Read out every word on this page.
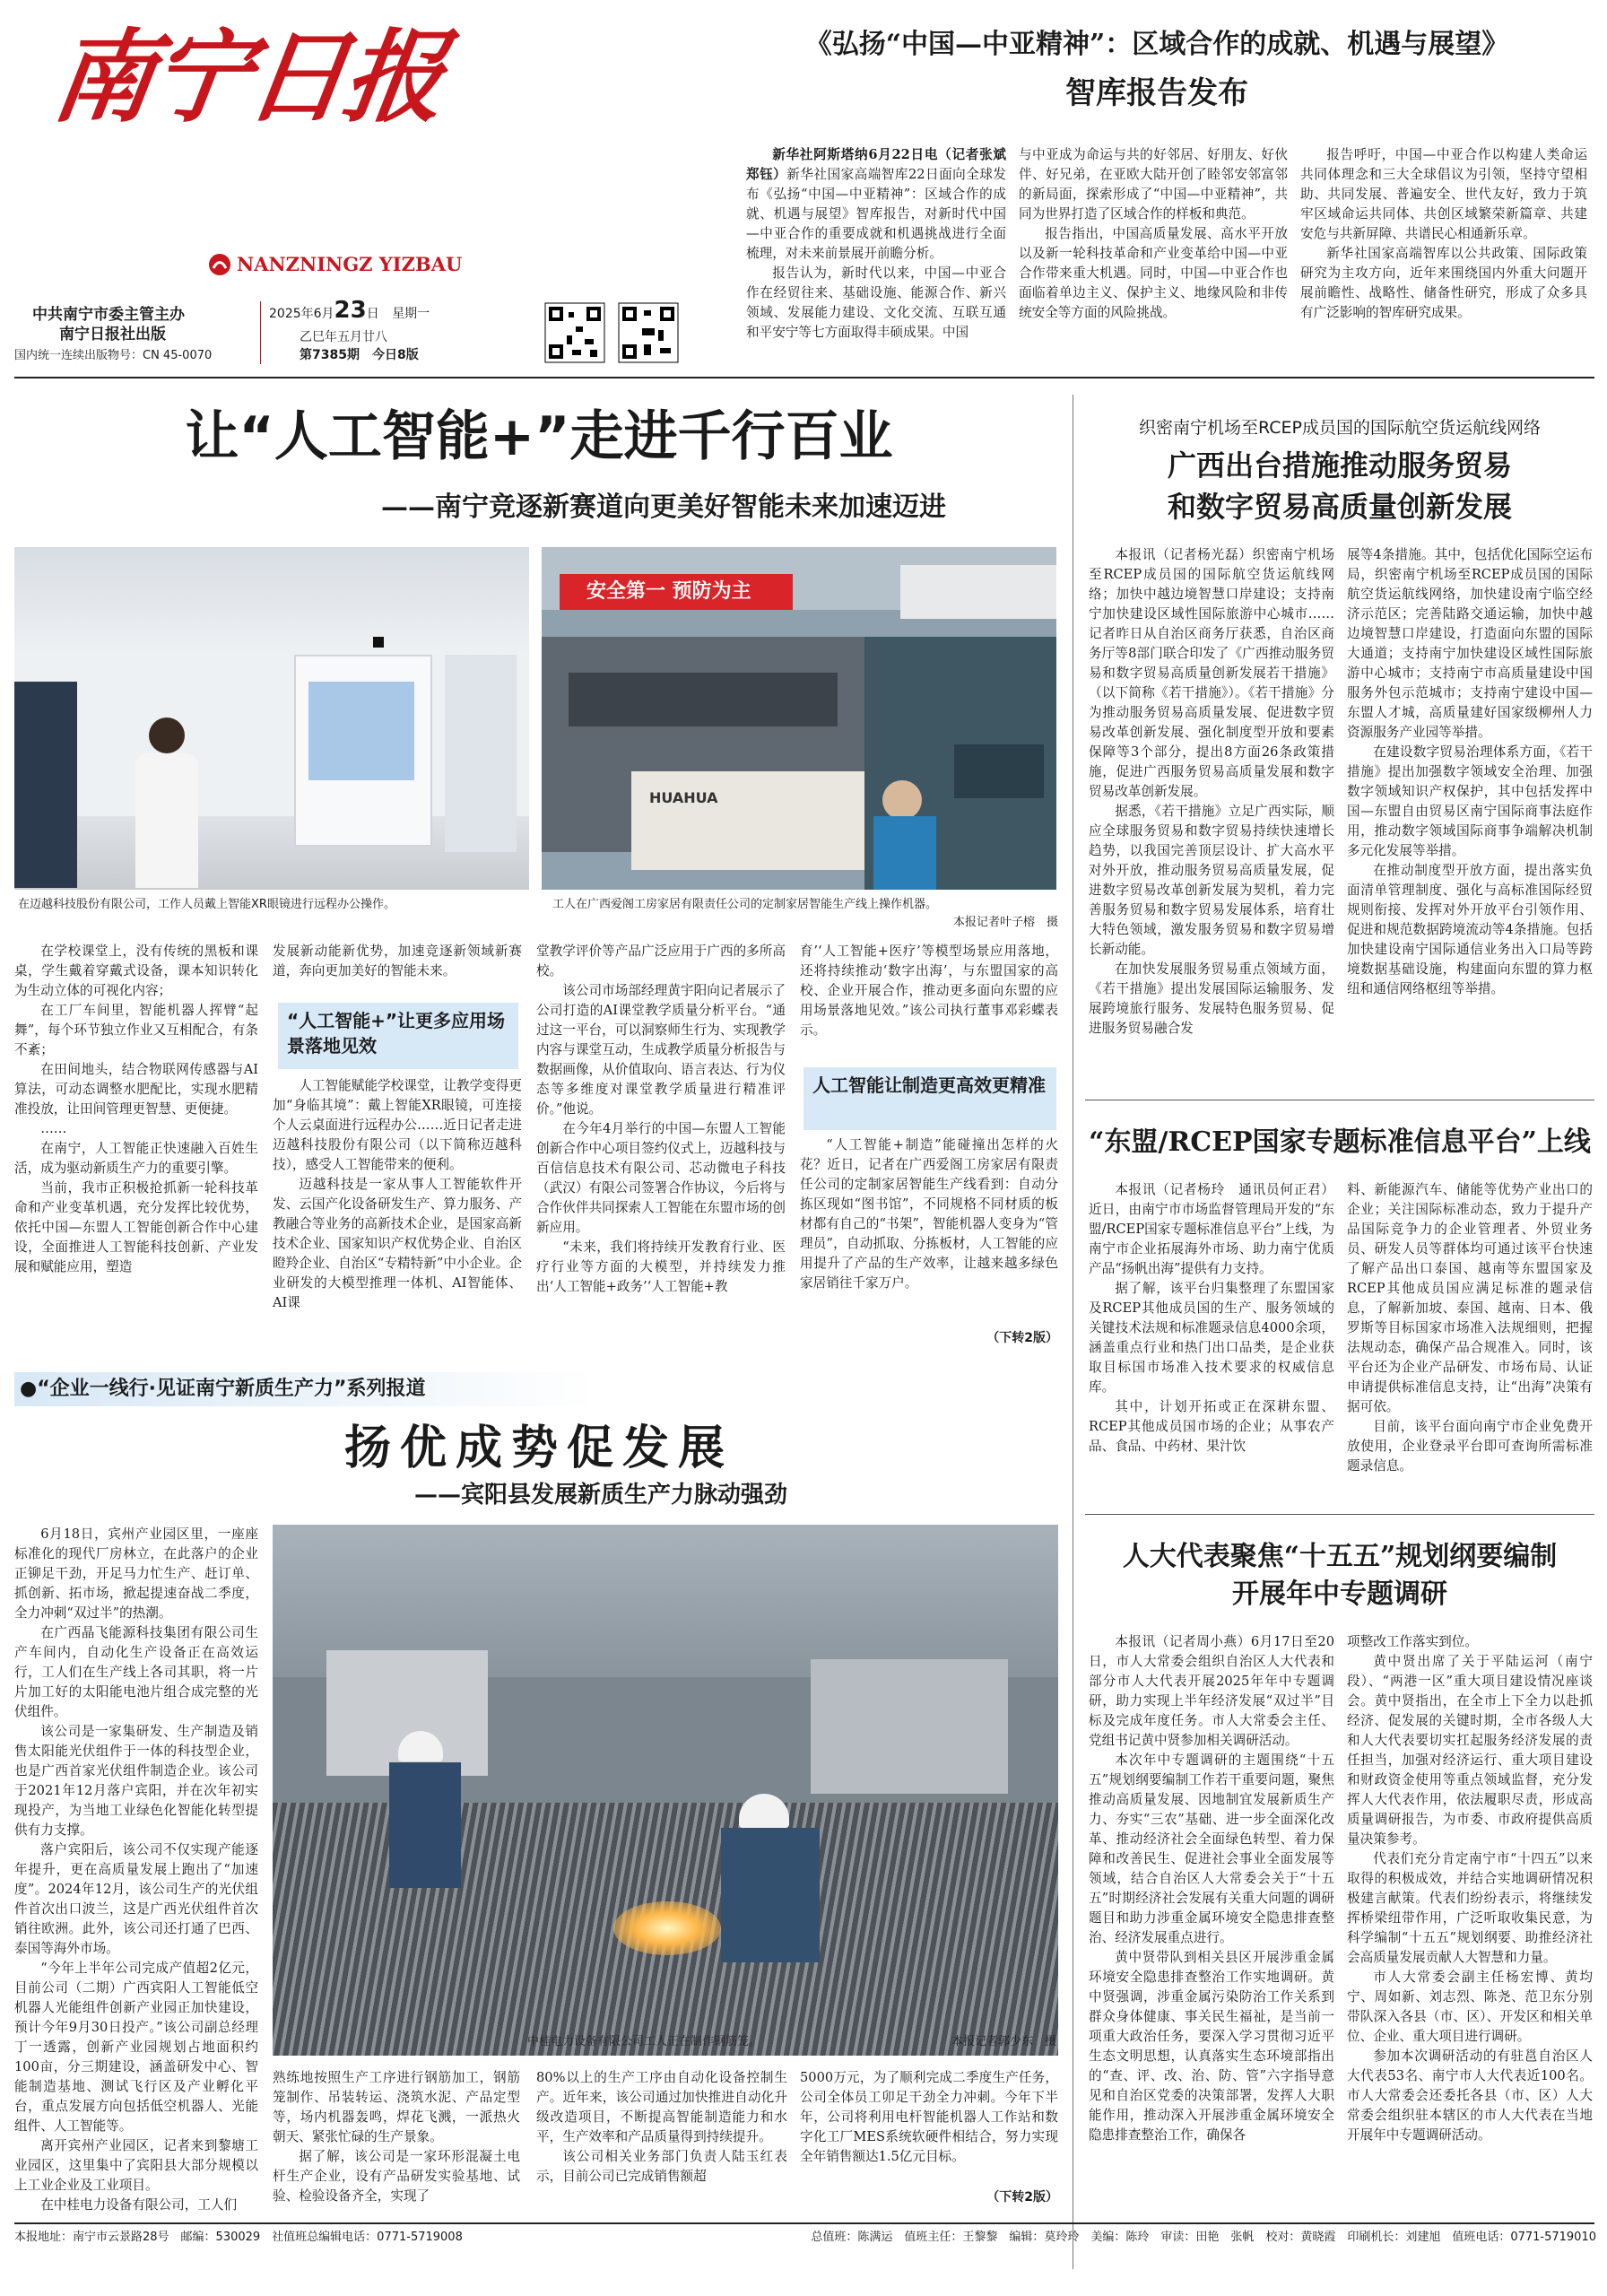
南宁日报
NANZNINGZ YIZBAU
中共南宁市委主管主办
南宁日报社出版
国内统一连续出版物号：CN 45-0070
2025年6月23日 星期一
乙巳年五月廿八
第7385期　 今日8版
《弘扬“中国—中亚精神”：区域合作的成就、机遇与展望》
智库报告发布

新华社阿斯塔纳6月22日电（记者张斌　郑钰）新华社国家高端智库22日面向全球发布《弘扬“中国—中亚精神”：区域合作的成就、机遇与展望》智库报告，对新时代中国—中亚合作的重要成就和机遇挑战进行全面梳理，对未来前景展开前瞻分析。

报告认为，新时代以来，中国—中亚合作在经贸往来、基础设施、能源合作、新兴领域、发展能力建设、文化交流、互联互通和平安宁等七方面取得丰硕成果。中国

与中亚成为命运与共的好邻居、好朋友、好伙伴、好兄弟，在亚欧大陆开创了睦邻安邻富邻的新局面，探索形成了“中国—中亚精神”，共同为世界打造了区域合作的样板和典范。

报告指出，中国高质量发展、高水平开放以及新一轮科技革命和产业变革给中国—中亚合作带来重大机遇。同时，中国—中亚合作也面临着单边主义、保护主义、地缘风险和非传统安全等方面的风险挑战。

报告呼吁，中国—中亚合作以构建人类命运共同体理念和三大全球倡议为引领，坚持守望相助、共同发展、普遍安全、世代友好，致力于筑牢区域命运共同体、共创区域繁荣新篇章、共建安危与共新屏障、共谱民心相通新乐章。

新华社国家高端智库以公共政策、国际政策研究为主攻方向，近年来围绕国内外重大问题开展前瞻性、战略性、储备性研究，形成了众多具有广泛影响的智库研究成果。

让“人工智能+”走进千行百业
——南宁竞逐新赛道向更美好智能未来加速迈进
安全第一 预防为主
HUAHUA
在迈越科技股份有限公司，工作人员戴上智能XR眼镜进行远程办公操作。	工人在广西爱阁工房家居有限责任公司的定制家居智能生产线上操作机器。
本报记者叶子榕　摄

在学校课堂上，没有传统的黑板和课桌，学生戴着穿戴式设备，课本知识转化为生动立体的可视化内容；

在工厂车间里，智能机器人挥臂“起舞”，每个环节独立作业又互相配合，有条不紊；

在田间地头，结合物联网传感器与AI算法，可动态调整水肥配比，实现水肥精准投放，让田间管理更智慧、更便捷。

……

在南宁，人工智能正快速融入百姓生活，成为驱动新质生产力的重要引擎。

当前，我市正积极抢抓新一轮科技革命和产业变革机遇，充分发挥比较优势，依托中国—东盟人工智能创新合作中心建设，全面推进人工智能科技创新、产业发展和赋能应用，塑造

发展新动能新优势，加速竞逐新领域新赛道，奔向更加美好的智能未来。

“人工智能+”让更多应用场景落地见效

人工智能赋能学校课堂，让教学变得更加“身临其境”：戴上智能XR眼镜，可连接个人云桌面进行远程办公……近日记者走进迈越科技股份有限公司（以下简称迈越科技），感受人工智能带来的便利。

迈越科技是一家从事人工智能软件开发、云国产化设备研发生产、算力服务、产教融合等业务的高新技术企业，是国家高新技术企业、国家知识产权优势企业、自治区瞪羚企业、自治区“专精特新”中小企业。企业研发的大模型推理一体机、AI智能体、AI课

堂教学评价等产品广泛应用于广西的多所高校。

该公司市场部经理黄宇阳向记者展示了公司打造的AI课堂教学质量分析平台。“通过这一平台，可以洞察师生行为、实现教学内容与课堂互动，生成教学质量分析报告与数据画像，从价值取向、语言表达、行为仪态等多维度对课堂教学质量进行精准评价。”他说。

在今年4月举行的中国—东盟人工智能创新合作中心项目签约仪式上，迈越科技与百信信息技术有限公司、芯动微电子科技（武汉）有限公司签署合作协议，今后将与合作伙伴共同探索人工智能在东盟市场的创新应用。

“未来，我们将持续开发教育行业、医疗行业等方面的大模型，并持续发力推出‘人工智能+政务’‘人工智能+教

育’‘人工智能+医疗’等模型场景应用落地，还将持续推动‘数字出海’，与东盟国家的高校、企业开展合作，推动更多面向东盟的应用场景落地见效。”该公司执行董事邓彩蝶表示。

人工智能让制造更高效更精准

“人工智能+制造”能碰撞出怎样的火花？近日，记者在广西爱阁工房家居有限责任公司的定制家居智能生产线看到：自动分拣区现如“图书馆”，不同规格不同材质的板材都有自己的“书架”，智能机器人变身为“管理员”，自动抓取、分拣板材，人工智能的应用提升了产品的生产效率，让越来越多绿色家居销往千家万户。

（下转2版）
●“企业一线行·见证南宁新质生产力”系列报道
扬优成势促发展
——宾阳县发展新质生产力脉动强劲

6月18日，宾州产业园区里，一座座标准化的现代厂房林立，在此落户的企业正铆足干劲，开足马力忙生产、赶订单、抓创新、拓市场，掀起提速奋战二季度，全力冲刺“双过半”的热潮。

在广西晶飞能源科技集团有限公司生产车间内，自动化生产设备正在高效运行，工人们在生产线上各司其职，将一片片加工好的太阳能电池片组合成完整的光伏组件。

该公司是一家集研发、生产制造及销售太阳能光伏组件于一体的科技型企业，也是广西首家光伏组件制造企业。该公司于2021年12月落户宾阳，并在次年初实现投产，为当地工业绿色化智能化转型提供有力支撑。

落户宾阳后，该公司不仅实现产能逐年提升，更在高质量发展上跑出了“加速度”。2024年12月，该公司生产的光伏组件首次出口波兰，这是广西光伏组件首次销往欧洲。此外，该公司还打通了巴西、泰国等海外市场。

“今年上半年公司完成产值超2亿元，目前公司（二期）广西宾阳人工智能低空机器人光能组件创新产业园正加快建设，预计今年9月30日投产。”该公司副总经理丁一透露，创新产业园规划占地面积约100亩，分三期建设，涵盖研发中心、智能制造基地、测试飞行区及产业孵化平台，重点发展方向包括低空机器人、光能组件、人工智能等。

离开宾州产业园区，记者来到黎塘工业园区，这里集中了宾阳县大部分规模以上工业企业及工业项目。

在中桂电力设备有限公司，工人们

中桂电力设备有限公司工人正在制作钢筋笼。	本报记者郭少东　摄

熟练地按照生产工序进行钢筋加工，钢筋笼制作、吊装转运、浇筑水泥、产品定型等，场内机器轰鸣，焊花飞溅，一派热火朝天、紧张忙碌的生产景象。

据了解，该公司是一家环形混凝土电杆生产企业，设有产品研发实验基地、试验、检验设备齐全，实现了

80%以上的生产工序由自动化设备控制生产。近年来，该公司通过加快推进自动化升级改造项目，不断提高智能制造能力和水平，生产效率和产品质量得到持续提升。

该公司相关业务部门负责人陆玉红表示，目前公司已完成销售额超

5000万元，为了顺利完成二季度生产任务，公司全体员工卯足干劲全力冲刺。今年下半年，公司将利用电杆智能机器人工作站和数字化工厂MES系统软硬件相结合，努力实现全年销售额达1.5亿元目标。

（下转2版）
织密南宁机场至RCEP成员国的国际航空货运航线网络
广西出台措施推动服务贸易
和数字贸易高质量创新发展

本报讯（记者杨光磊）织密南宁机场至RCEP成员国的国际航空货运航线网络；加快中越边境智慧口岸建设；支持南宁加快建设区域性国际旅游中心城市……记者昨日从自治区商务厅获悉，自治区商务厅等8部门联合印发了《广西推动服务贸易和数字贸易高质量创新发展若干措施》（以下简称《若干措施》）。《若干措施》分为推动服务贸易高质量发展、促进数字贸易改革创新发展、强化制度型开放和要素保障等3个部分，提出8方面26条政策措施，促进广西服务贸易高质量发展和数字贸易改革创新发展。

据悉，《若干措施》立足广西实际，顺应全球服务贸易和数字贸易持续快速增长趋势，以我国完善顶层设计、扩大高水平对外开放，推动服务贸易高质量发展，促进数字贸易改革创新发展为契机，着力完善服务贸易和数字贸易发展体系，培育壮大特色领域，激发服务贸易和数字贸易增长新动能。

在加快发展服务贸易重点领域方面，《若干措施》提出发展国际运输服务、发展跨境旅行服务、发展特色服务贸易、促进服务贸易融合发

展等4条措施。其中，包括优化国际空运布局，织密南宁机场至RCEP成员国的国际航空货运航线网络，加快建设南宁临空经济示范区；完善陆路交通运输，加快中越边境智慧口岸建设，打造面向东盟的国际大通道；支持南宁加快建设区域性国际旅游中心城市；支持南宁市高质量建设中国服务外包示范城市；支持南宁建设中国—东盟人才城，高质量建好国家级柳州人力资源服务产业园等举措。

在建设数字贸易治理体系方面，《若干措施》提出加强数字领域安全治理、加强数字领域知识产权保护，其中包括发挥中国—东盟自由贸易区南宁国际商事法庭作用，推动数字领域国际商事争端解决机制多元化发展等举措。

在推动制度型开放方面，提出落实负面清单管理制度、强化与高标准国际经贸规则衔接、发挥对外开放平台引领作用、促进和规范数据跨境流动等4条措施。包括加快建设南宁国际通信业务出入口局等跨境数据基础设施，构建面向东盟的算力枢纽和通信网络枢纽等举措。

“东盟/RCEP国家专题标准信息平台”上线

本报讯（记者杨玲　通讯员何正君）近日，由南宁市市场监督管理局开发的“东盟/RCEP国家专题标准信息平台”上线，为南宁市企业拓展海外市场、助力南宁优质产品“扬帆出海”提供有力支持。

据了解，该平台归集整理了东盟国家及RCEP其他成员国的生产、服务领域的关键技术法规和标准题录信息4000余项，涵盖重点行业和热门出口品类，是企业获取目标国市场准入技术要求的权威信息库。

其中，计划开拓或正在深耕东盟、RCEP其他成员国市场的企业；从事农产品、食品、中药材、果汁饮

料、新能源汽车、储能等优势产业出口的企业；关注国际标准动态，致力于提升产品国际竞争力的企业管理者、外贸业务员、研发人员等群体均可通过该平台快速了解产品出口泰国、越南等东盟国家及RCEP其他成员国应满足标准的题录信息，了解新加坡、泰国、越南、日本、俄罗斯等目标国家市场准入法规细则，把握法规动态，确保产品合规准入。同时，该平台还为企业产品研发、市场布局、认证申请提供标准信息支持，让“出海”决策有据可依。

目前，该平台面向南宁市企业免费开放使用，企业登录平台即可查询所需标准题录信息。

人大代表聚焦“十五五”规划纲要编制
开展年中专题调研

本报讯（记者周小燕）6月17日至20日，市人大常委会组织自治区人大代表和部分市人大代表开展2025年年中专题调研，助力实现上半年经济发展“双过半”目标及完成年度任务。市人大常委会主任、党组书记黄中贤参加相关调研活动。

本次年中专题调研的主题围绕“十五五”规划纲要编制工作若干重要问题，聚焦推动高质量发展、因地制宜发展新质生产力、夯实“三农”基础、进一步全面深化改革、推动经济社会全面绿色转型、着力保障和改善民生、促进社会事业全面发展等领域，结合自治区人大常委会关于“十五五”时期经济社会发展有关重大问题的调研题目和助力涉重金属环境安全隐患排查整治、经济发展重点进行。

黄中贤带队到相关县区开展涉重金属环境安全隐患排查整治工作实地调研。黄中贤强调，涉重金属污染防治工作关系到群众身体健康、事关民生福祉，是当前一项重大政治任务，要深入学习贯彻习近平生态文明思想，认真落实生态环境部指出的“查、评、改、治、防、管”六字指导意见和自治区党委的决策部署，发挥人大职能作用，推动深入开展涉重金属环境安全隐患排查整治工作，确保各

项整改工作落实到位。

黄中贤出席了关于平陆运河（南宁段）、“两港一区”重大项目建设情况座谈会。黄中贤指出，在全市上下全力以赴抓经济、促发展的关键时期，全市各级人大和人大代表要切实扛起服务经济发展的责任担当，加强对经济运行、重大项目建设和财政资金使用等重点领域监督，充分发挥人大代表作用，依法履职尽责，形成高质量调研报告，为市委、市政府提供高质量决策参考。

代表们充分肯定南宁市“十四五”以来取得的积极成效，并结合实地调研情况积极建言献策。代表们纷纷表示，将继续发挥桥梁纽带作用，广泛听取收集民意，为科学编制“十五五”规划纲要、助推经济社会高质量发展贡献人大智慧和力量。

市人大常委会副主任杨宏博、黄均宁、周如新、刘志烈、陈尧、范卫东分别带队深入各县（市、区）、开发区和相关单位、企业、重大项目进行调研。

参加本次调研活动的有驻邕自治区人大代表53名、南宁市人大代表近100名。市人大常委会还委托各县（市、区）人大常委会组织驻本辖区的市人大代表在当地开展年中专题调研活动。

本报地址：南宁市云景路28号　邮编：530029　社值班总编辑电话：0771-5719008	总值班：陈满运　值班主任：王黎黎　编辑：莫玲玲　美编：陈玲　审读：田艳　张帆　校对：黄晓霞　印刷机长：刘建旭　值班电话：0771-5719010
